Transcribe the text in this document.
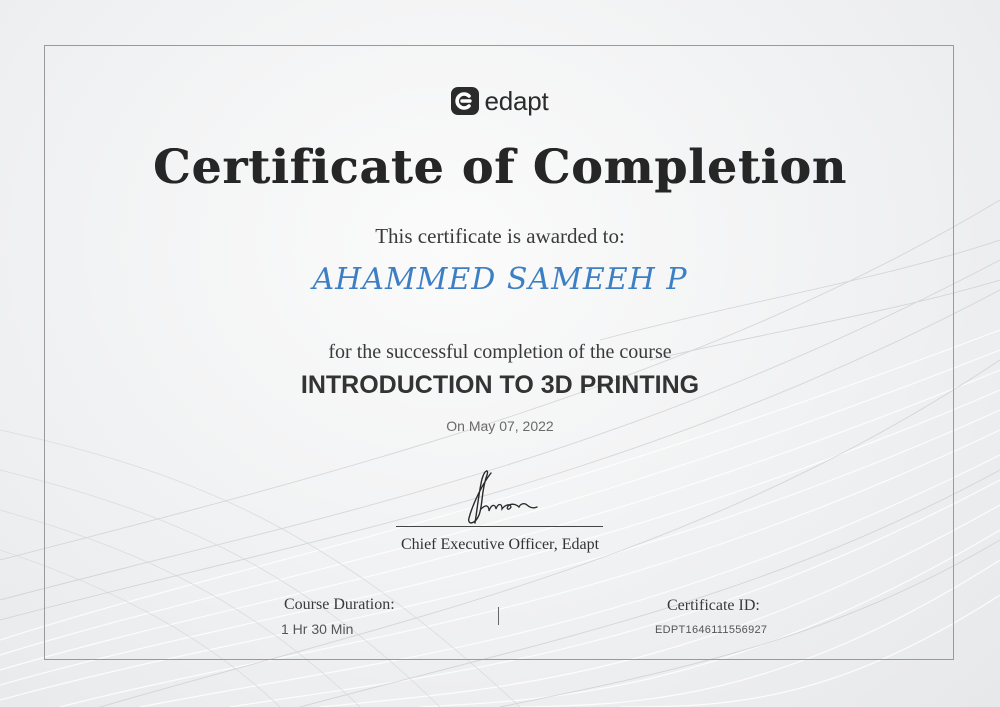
edapt
Certificate of Completion
This certificate is awarded to:
AHAMMED SAMEEH P
for the successful completion of the course
INTRODUCTION TO 3D PRINTING
On May 07, 2022
Chief Executive Officer, Edapt
Course Duration:
1 Hr 30 Min
Certificate ID:
EDPT1646111556927
